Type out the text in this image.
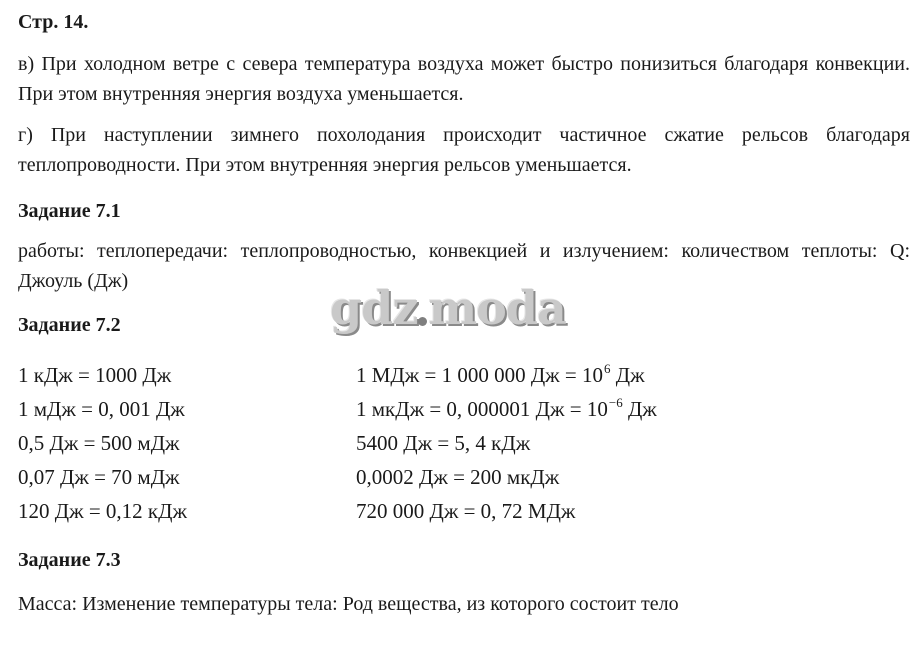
Стр. 14.

в) При холодном ветре с севера температура воздуха может быстро понизиться благодаря конвекции. При этом внутренняя энергия воздуха уменьшается.

г) При наступлении зимнего похолодания происходит частичное сжатие рельсов благодаря теплопроводности. При этом внутренняя энергия рельсов уменьшается.

Задание 7.1

работы: теплопередачи: теплопроводностью, конвекцией и излучением: количеством теплоты: Q: Джоуль (Дж)

Задание 7.2
1 кДж = 1000 Дж
1 мДж = 0, 001 Дж
0,5 Дж = 500 мДж
0,07 Дж = 70 мДж
120 Дж = 0,12 кДж
1 МДж = 1 000 000 Дж = $10^6$ Дж
1 мкДж = 0, 000001 Дж = $10^{-6}$ Дж
5400 Дж = 5, 4 кДж
0,0002 Дж = 200 мкДж
720 000 Дж = 0, 72 МДж
Задание 7.3

Масса: Изменение температуры тела: Род вещества, из которого состоит тело

gdz moda
